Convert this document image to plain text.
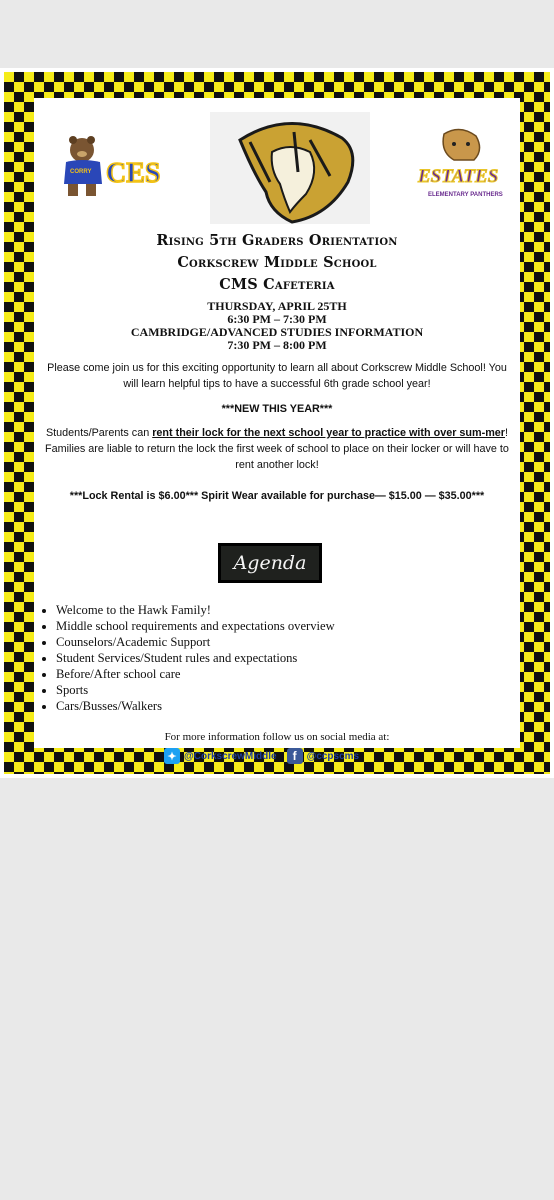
CORRY CES	ESTATES
ELEMENTARY PANTHERS
Rising 5th Graders Orientation
Corkscrew Middle School
CMS Cafeteria
THURSDAY, APRIL 25TH
6:30 PM – 7:30 PM
CAMBRIDGE/ADVANCED STUDIES INFORMATION
7:30 PM – 8:00 PM
Please come join us for this exciting opportunity to learn all about Corkscrew Middle School! You will learn helpful tips to have a successful 6th grade school year!
***NEW THIS YEAR***
Students/Parents can rent their lock for the next school year to practice with over sum-mer! Families are liable to return the lock the first week of school to place on their locker or will have to rent another lock!
***Lock Rental is $6.00*** Spirit Wear available for purchase— $15.00 — $35.00***
Agenda
• Welcome to the Hawk Family!
• Middle school requirements and expectations overview
• Counselors/Academic Support
• Student Services/Student rules and expectations
• Before/After school care
• Sports
• Cars/Busses/Walkers
For more information follow us on social media at:
✦ @CorkscrewMiddle	f	@ccpscms
